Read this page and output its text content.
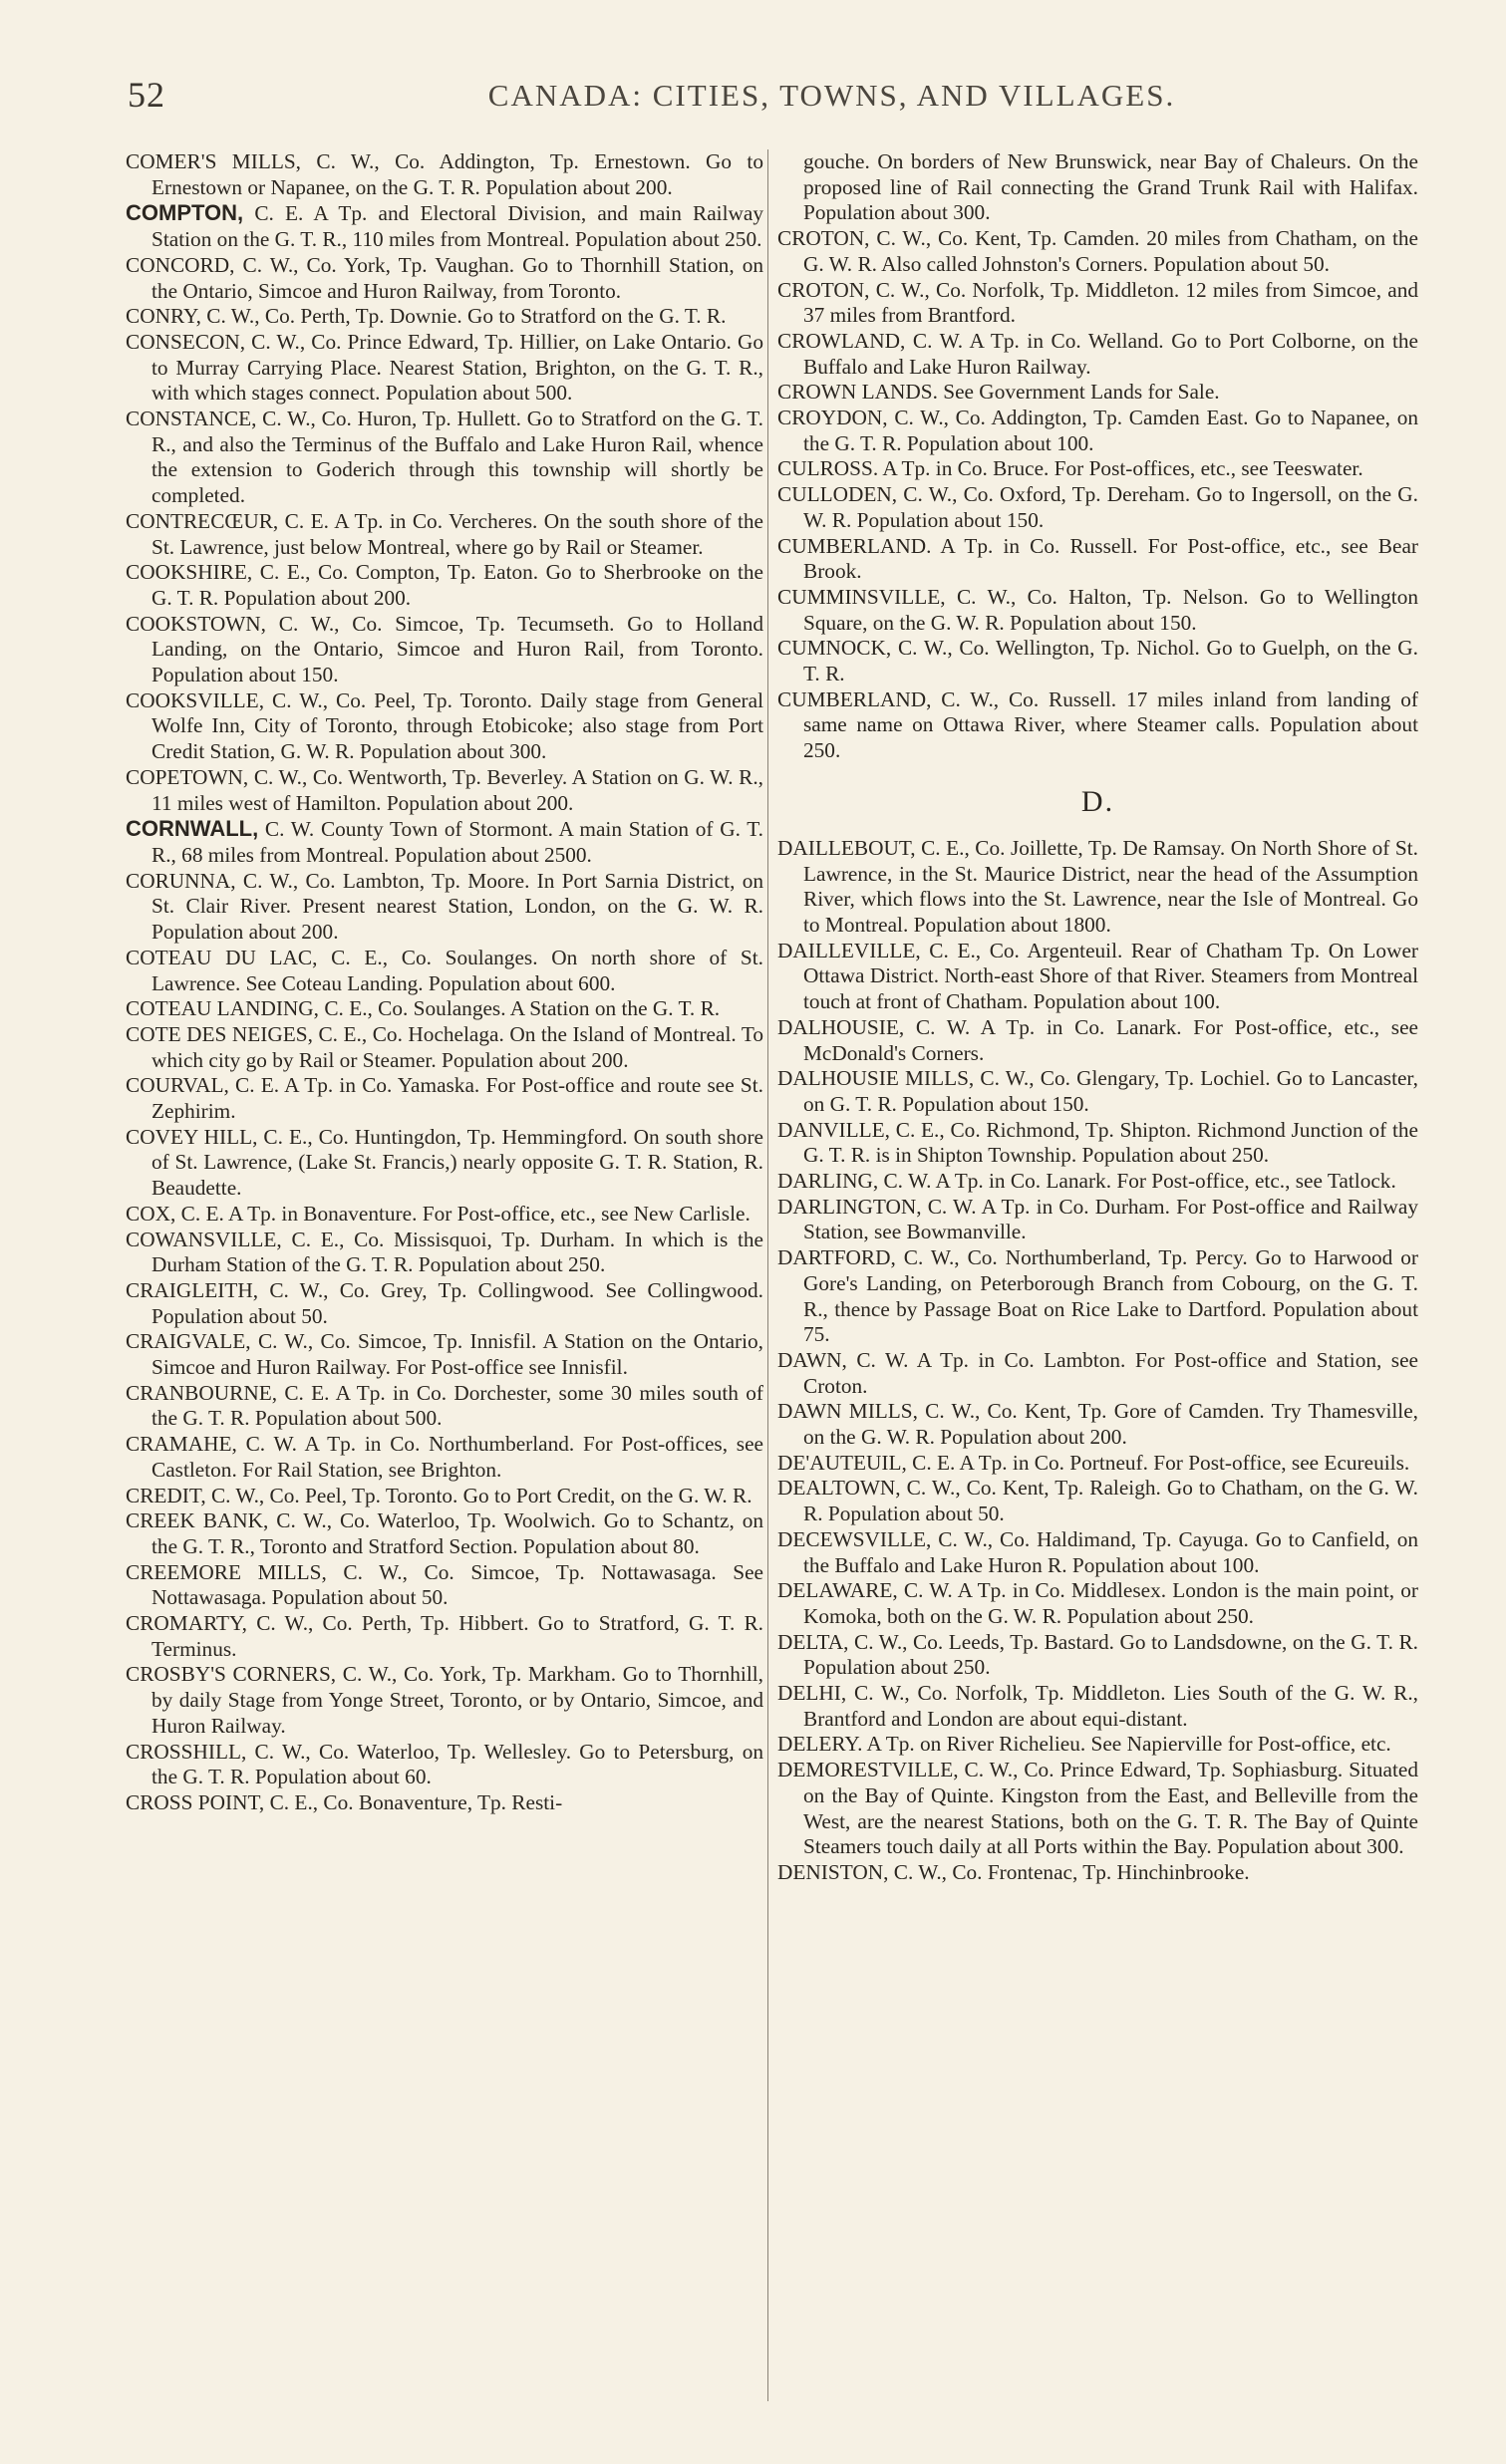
52	CANADA: CITIES, TOWNS, AND VILLAGES.

COMER'S MILLS, C. W., Co. Addington, Tp. Ernestown. Go to Ernestown or Napanee, on the G. T. R. Population about 200.

COMPTON, C. E. A Tp. and Electoral Division, and main Railway Station on the G. T. R., 110 miles from Montreal. Population about 250.

CONCORD, C. W., Co. York, Tp. Vaughan. Go to Thornhill Station, on the Ontario, Simcoe and Huron Railway, from Toronto.

CONRY, C. W., Co. Perth, Tp. Downie. Go to Stratford on the G. T. R.

CONSECON, C. W., Co. Prince Edward, Tp. Hillier, on Lake Ontario. Go to Murray Carrying Place. Nearest Station, Brighton, on the G. T. R., with which stages connect. Population about 500.

CONSTANCE, C. W., Co. Huron, Tp. Hullett. Go to Stratford on the G. T. R., and also the Terminus of the Buffalo and Lake Huron Rail, whence the extension to Goderich through this township will shortly be completed.

CONTRECŒUR, C. E. A Tp. in Co. Vercheres. On the south shore of the St. Lawrence, just below Montreal, where go by Rail or Steamer.

COOKSHIRE, C. E., Co. Compton, Tp. Eaton. Go to Sherbrooke on the G. T. R. Population about 200.

COOKSTOWN, C. W., Co. Simcoe, Tp. Tecumseth. Go to Holland Landing, on the Ontario, Simcoe and Huron Rail, from Toronto. Population about 150.

COOKSVILLE, C. W., Co. Peel, Tp. Toronto. Daily stage from General Wolfe Inn, City of Toronto, through Etobicoke; also stage from Port Credit Station, G. W. R. Population about 300.

COPETOWN, C. W., Co. Wentworth, Tp. Beverley. A Station on G. W. R., 11 miles west of Hamilton. Population about 200.

CORNWALL, C. W. County Town of Stormont. A main Station of G. T. R., 68 miles from Montreal. Population about 2500.

CORUNNA, C. W., Co. Lambton, Tp. Moore. In Port Sarnia District, on St. Clair River. Present nearest Station, London, on the G. W. R. Population about 200.

COTEAU DU LAC, C. E., Co. Soulanges. On north shore of St. Lawrence. See Coteau Landing. Population about 600.

COTEAU LANDING, C. E., Co. Soulanges. A Station on the G. T. R.

COTE DES NEIGES, C. E., Co. Hochelaga. On the Island of Montreal. To which city go by Rail or Steamer. Population about 200.

COURVAL, C. E. A Tp. in Co. Yamaska. For Post-office and route see St. Zephirim.

COVEY HILL, C. E., Co. Huntingdon, Tp. Hemmingford. On south shore of St. Lawrence, (Lake St. Francis,) nearly opposite G. T. R. Station, R. Beaudette.

COX, C. E. A Tp. in Bonaventure. For Post-office, etc., see New Carlisle.

COWANSVILLE, C. E., Co. Missisquoi, Tp. Durham. In which is the Durham Station of the G. T. R. Population about 250.

CRAIGLEITH, C. W., Co. Grey, Tp. Collingwood. See Collingwood. Population about 50.

CRAIGVALE, C. W., Co. Simcoe, Tp. Innisfil. A Station on the Ontario, Simcoe and Huron Railway. For Post-office see Innisfil.

CRANBOURNE, C. E. A Tp. in Co. Dorchester, some 30 miles south of the G. T. R. Population about 500.

CRAMAHE, C. W. A Tp. in Co. Northumberland. For Post-offices, see Castleton. For Rail Station, see Brighton.

CREDIT, C. W., Co. Peel, Tp. Toronto. Go to Port Credit, on the G. W. R.

CREEK BANK, C. W., Co. Waterloo, Tp. Woolwich. Go to Schantz, on the G. T. R., Toronto and Stratford Section. Population about 80.

CREEMORE MILLS, C. W., Co. Simcoe, Tp. Nottawasaga. See Nottawasaga. Population about 50.

CROMARTY, C. W., Co. Perth, Tp. Hibbert. Go to Stratford, G. T. R. Terminus.

CROSBY'S CORNERS, C. W., Co. York, Tp. Markham. Go to Thornhill, by daily Stage from Yonge Street, Toronto, or by Ontario, Simcoe, and Huron Railway.

CROSSHILL, C. W., Co. Waterloo, Tp. Wellesley. Go to Petersburg, on the G. T. R. Population about 60.

CROSS POINT, C. E., Co. Bonaventure, Tp. Resti-

gouche. On borders of New Brunswick, near Bay of Chaleurs. On the proposed line of Rail connecting the Grand Trunk Rail with Halifax. Population about 300.

CROTON, C. W., Co. Kent, Tp. Camden. 20 miles from Chatham, on the G. W. R. Also called Johnston's Corners. Population about 50.

CROTON, C. W., Co. Norfolk, Tp. Middleton. 12 miles from Simcoe, and 37 miles from Brantford.

CROWLAND, C. W. A Tp. in Co. Welland. Go to Port Colborne, on the Buffalo and Lake Huron Railway.

CROWN LANDS. See Government Lands for Sale.

CROYDON, C. W., Co. Addington, Tp. Camden East. Go to Napanee, on the G. T. R. Population about 100.

CULROSS. A Tp. in Co. Bruce. For Post-offices, etc., see Teeswater.

CULLODEN, C. W., Co. Oxford, Tp. Dereham. Go to Ingersoll, on the G. W. R. Population about 150.

CUMBERLAND. A Tp. in Co. Russell. For Post-office, etc., see Bear Brook.

CUMMINSVILLE, C. W., Co. Halton, Tp. Nelson. Go to Wellington Square, on the G. W. R. Population about 150.

CUMNOCK, C. W., Co. Wellington, Tp. Nichol. Go to Guelph, on the G. T. R.

CUMBERLAND, C. W., Co. Russell. 17 miles inland from landing of same name on Ottawa River, where Steamer calls. Population about 250.

D.

DAILLEBOUT, C. E., Co. Joillette, Tp. De Ramsay. On North Shore of St. Lawrence, in the St. Maurice District, near the head of the Assumption River, which flows into the St. Lawrence, near the Isle of Montreal. Go to Montreal. Population about 1800.

DAILLEVILLE, C. E., Co. Argenteuil. Rear of Chatham Tp. On Lower Ottawa District. North-east Shore of that River. Steamers from Montreal touch at front of Chatham. Population about 100.

DALHOUSIE, C. W. A Tp. in Co. Lanark. For Post-office, etc., see McDonald's Corners.

DALHOUSIE MILLS, C. W., Co. Glengary, Tp. Lochiel. Go to Lancaster, on G. T. R. Population about 150.

DANVILLE, C. E., Co. Richmond, Tp. Shipton. Richmond Junction of the G. T. R. is in Shipton Township. Population about 250.

DARLING, C. W. A Tp. in Co. Lanark. For Post-office, etc., see Tatlock.

DARLINGTON, C. W. A Tp. in Co. Durham. For Post-office and Railway Station, see Bowmanville.

DARTFORD, C. W., Co. Northumberland, Tp. Percy. Go to Harwood or Gore's Landing, on Peterborough Branch from Cobourg, on the G. T. R., thence by Passage Boat on Rice Lake to Dartford. Population about 75.

DAWN, C. W. A Tp. in Co. Lambton. For Post-office and Station, see Croton.

DAWN MILLS, C. W., Co. Kent, Tp. Gore of Camden. Try Thamesville, on the G. W. R. Population about 200.

DE'AUTEUIL, C. E. A Tp. in Co. Portneuf. For Post-office, see Ecureuils.

DEALTOWN, C. W., Co. Kent, Tp. Raleigh. Go to Chatham, on the G. W. R. Population about 50.

DECEWSVILLE, C. W., Co. Haldimand, Tp. Cayuga. Go to Canfield, on the Buffalo and Lake Huron R. Population about 100.

DELAWARE, C. W. A Tp. in Co. Middlesex. London is the main point, or Komoka, both on the G. W. R. Population about 250.

DELTA, C. W., Co. Leeds, Tp. Bastard. Go to Landsdowne, on the G. T. R. Population about 250.

DELHI, C. W., Co. Norfolk, Tp. Middleton. Lies South of the G. W. R., Brantford and London are about equi-distant.

DELERY. A Tp. on River Richelieu. See Napierville for Post-office, etc.

DEMORESTVILLE, C. W., Co. Prince Edward, Tp. Sophiasburg. Situated on the Bay of Quinte. Kingston from the East, and Belleville from the West, are the nearest Stations, both on the G. T. R. The Bay of Quinte Steamers touch daily at all Ports within the Bay. Population about 300.

DENISTON, C. W., Co. Frontenac, Tp. Hinchinbrooke.
